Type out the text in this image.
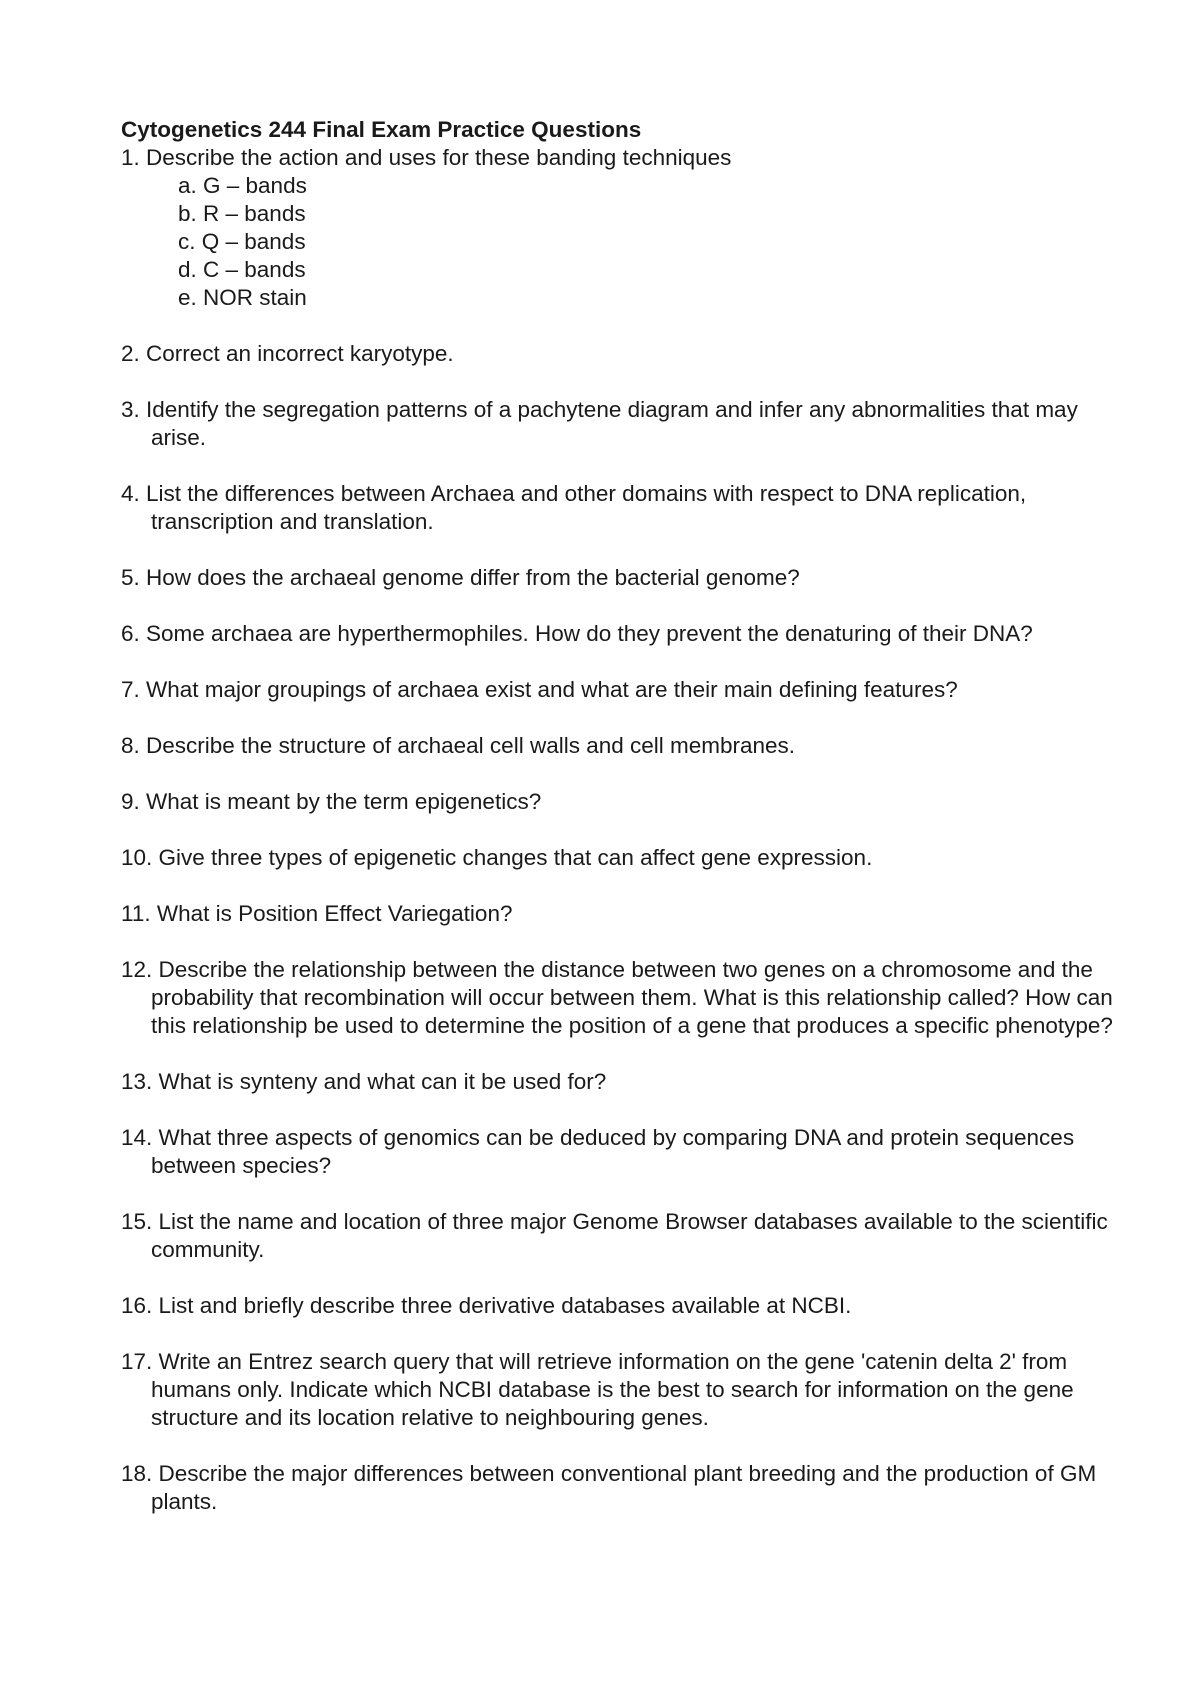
Cytogenetics 244 Final Exam Practice Questions

1. Describe the action and uses for these banding techniques

a. G – bands

b. R – bands

c. Q – bands

d. C – bands

e. NOR stain

2. Correct an incorrect karyotype.

3. Identify the segregation patterns of a pachytene diagram and infer any abnormalities that may arise.

4. List the differences between Archaea and other domains with respect to DNA replication, transcription and translation.

5. How does the archaeal genome differ from the bacterial genome?

6. Some archaea are hyperthermophiles. How do they prevent the denaturing of their DNA?

7. What major groupings of archaea exist and what are their main defining features?

8. Describe the structure of archaeal cell walls and cell membranes.

9. What is meant by the term epigenetics?

10. Give three types of epigenetic changes that can affect gene expression.

11. What is Position Effect Variegation?

12. Describe the relationship between the distance between two genes on a chromosome and the probability that recombination will occur between them. What is this relationship called? How can this relationship be used to determine the position of a gene that produces a specific phenotype?

13. What is synteny and what can it be used for?

14. What three aspects of genomics can be deduced by comparing DNA and protein sequences between species?

15. List the name and location of three major Genome Browser databases available to the scientific community.

16. List and briefly describe three derivative databases available at NCBI.

17. Write an Entrez search query that will retrieve information on the gene 'catenin delta 2' from humans only. Indicate which NCBI database is the best to search for information on the gene structure and its location relative to neighbouring genes.

18. Describe the major differences between conventional plant breeding and the production of GM plants.
